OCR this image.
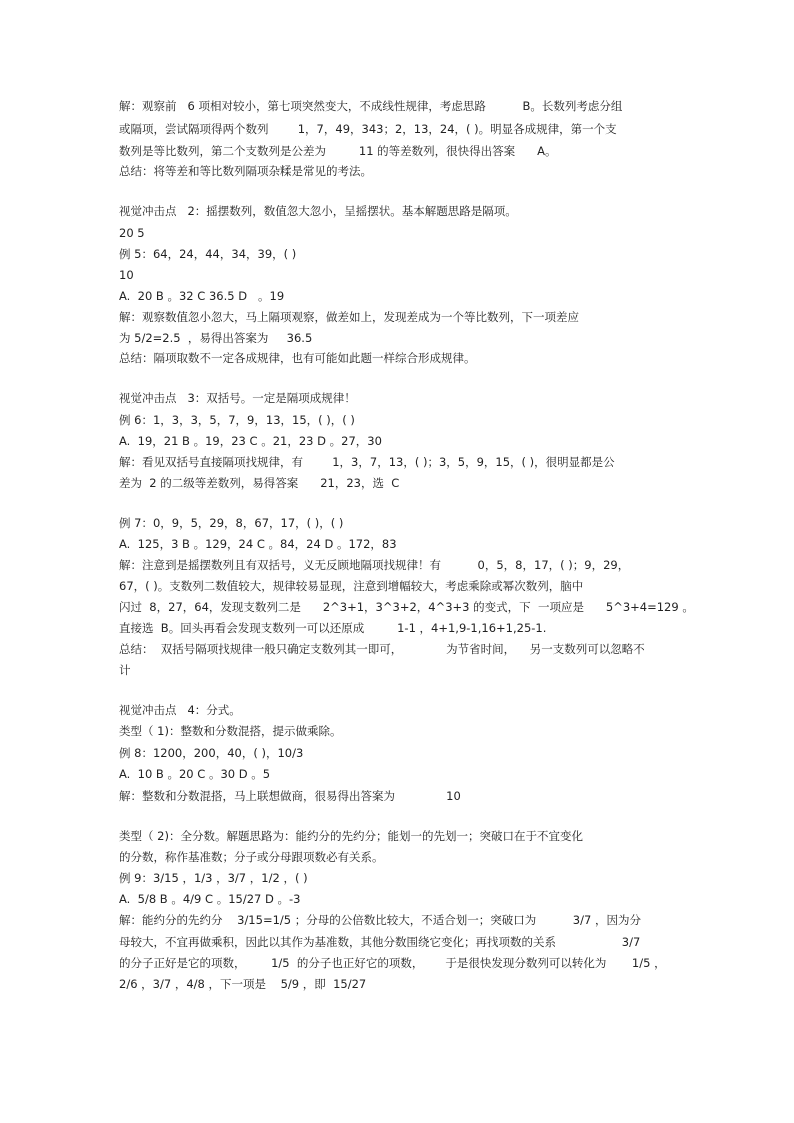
解：观察前   6 项相对较小，第七项突然变大，不成线性规律，考虑思路          B。长数列考虑分组

或隔项，尝试隔项得两个数列        1，7，49，343；2，13，24，( )。明显各成规律，第一个支

数列是等比数列，第二个支数列是公差为         11 的等差数列，很快得出答案      A。

总结：将等差和等比数列隔项杂糅是常见的考法。

视觉冲击点   2：摇摆数列，数值忽大忽小，呈摇摆状。基本解题思路是隔项。

20 5

例 5：64，24，44，34，39，( )

10

A.  20 B 。32 C 36.5 D   。19

解：观察数值忽小忽大，马上隔项观察，做差如上，发现差成为一个等比数列，下一项差应

为 5/2=2.5  ，易得出答案为     36.5

总结：隔项取数不一定各成规律，也有可能如此题一样综合形成规律。

视觉冲击点   3：双括号。一定是隔项成规律！

例 6：1，3，3，5，7，9，13，15，( )，( )

A.  19，21 B 。19，23 C 。21，23 D 。27，30

解：看见双括号直接隔项找规律，有        1，3，7，13，( )；3，5，9，15，( )，很明显都是公

差为  2 的二级等差数列，易得答案      21，23，选  C

例 7：0，9，5，29，8，67，17，( )，( )

A.  125，3 B 。129，24 C 。84，24 D 。172，83

解：注意到是摇摆数列且有双括号，义无反顾地隔项找规律！有          0，5，8，17，( )；9，29，

67，( )。支数列二数值较大，规律较易显现，注意到增幅较大，考虑乘除或幂次数列，脑中

闪过  8，27，64，发现支数列二是      2^3+1，3^3+2，4^3+3 的变式，下  一项应是      5^3+4=129 。

直接选  B。回头再看会发现支数列一可以还原成         1-1 ，4+1,9-1,16+1,25-1.

总结：  双括号隔项找规律一般只确定支数列其一即可，            为节省时间，    另一支数列可以忽略不

计

视觉冲击点   4：分式。

类型（ 1)：整数和分数混搭，提示做乘除。

例 8：1200，200，40，( )，10/3

A.  10 B 。20 C 。30 D 。5

解：整数和分数混搭，马上联想做商，很易得出答案为              10

类型（ 2)：全分数。解题思路为：能约分的先约分；能划一的先划一；突破口在于不宜变化

的分数，称作基准数；分子或分母跟项数必有关系。

例 9：3/15 ，1/3 ，3/7 ，1/2 ，( )

A.  5/8 B 。4/9 C 。15/27 D 。-3

解：能约分的先约分    3/15=1/5 ；分母的公倍数比较大，不适合划一；突破口为          3/7 ，因为分

母较大，不宜再做乘积，因此以其作为基准数，其他分数围绕它变化；再找项数的关系                  3/7

的分子正好是它的项数，       1/5  的分子也正好它的项数，      于是很快发现分数列可以转化为       1/5 ，

2/6 ，3/7 ，4/8 ，下一项是    5/9 ，即  15/27
